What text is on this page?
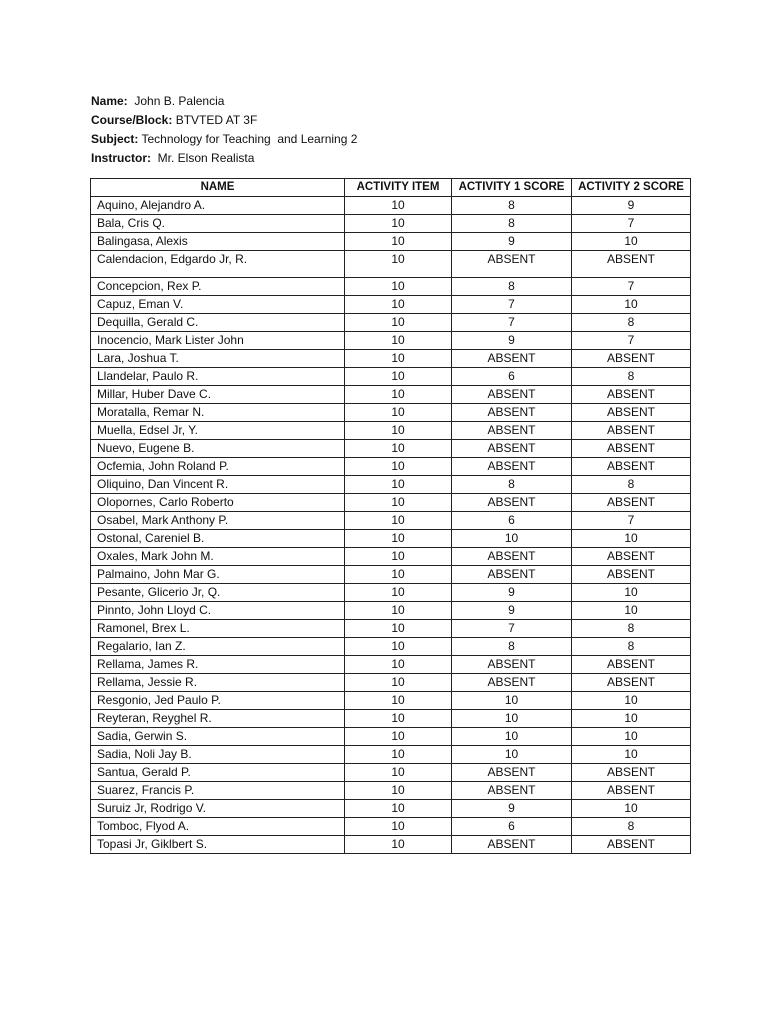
Name: John B. Palencia
Course/Block: BTVTED AT 3F
Subject: Technology for Teaching  and Learning 2
Instructor: Mr. Elson Realista
NAME	ACTIVITY ITEM	ACTIVITY 1 SCORE	ACTIVITY 2 SCORE
Aquino, Alejandro A.	10	8	9
Bala, Cris Q.	10	8	7
Balingasa, Alexis	10	9	10
Calendacion, Edgardo Jr, R.	10	ABSENT	ABSENT
Concepcion, Rex P.	10	8	7
Capuz, Eman V.	10	7	10
Dequilla, Gerald C.	10	7	8
Inocencio, Mark Lister John	10	9	7
Lara, Joshua T.	10	ABSENT	ABSENT
Llandelar, Paulo R.	10	6	8
Millar, Huber Dave C.	10	ABSENT	ABSENT
Moratalla, Remar N.	10	ABSENT	ABSENT
Muella, Edsel Jr, Y.	10	ABSENT	ABSENT
Nuevo, Eugene B.	10	ABSENT	ABSENT
Ocfemia, John Roland P.	10	ABSENT	ABSENT
Oliquino, Dan Vincent R.	10	8	8
Olopornes, Carlo Roberto	10	ABSENT	ABSENT
Osabel, Mark Anthony P.	10	6	7
Ostonal, Careniel B.	10	10	10
Oxales, Mark John M.	10	ABSENT	ABSENT
Palmaino, John Mar G.	10	ABSENT	ABSENT
Pesante, Glicerio Jr, Q.	10	9	10
Pinnto, John Lloyd C.	10	9	10
Ramonel, Brex L.	10	7	8
Regalario, Ian Z.	10	8	8
Rellama, James R.	10	ABSENT	ABSENT
Rellama, Jessie R.	10	ABSENT	ABSENT
Resgonio, Jed Paulo P.	10	10	10
Reyteran, Reyghel R.	10	10	10
Sadia, Gerwin S.	10	10	10
Sadia, Noli Jay B.	10	10	10
Santua, Gerald P.	10	ABSENT	ABSENT
Suarez, Francis P.	10	ABSENT	ABSENT
Suruiz Jr, Rodrigo V.	10	9	10
Tomboc, Flyod A.	10	6	8
Topasi Jr, Giklbert S.	10	ABSENT	ABSENT
